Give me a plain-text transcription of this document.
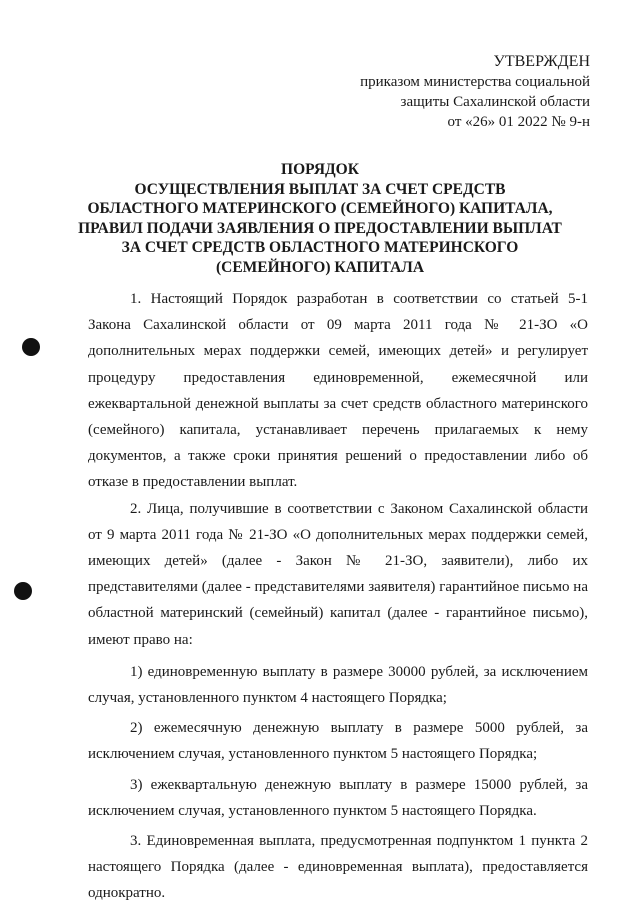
УТВЕРЖДЕН
приказом министерства социальной
защиты Сахалинской области
от «26» 01 2022 № 9-н
ПОРЯДОК
ОСУЩЕСТВЛЕНИЯ ВЫПЛАТ ЗА СЧЕТ СРЕДСТВ
ОБЛАСТНОГО МАТЕРИНСКОГО (СЕМЕЙНОГО) КАПИТАЛА,
ПРАВИЛ ПОДАЧИ ЗАЯВЛЕНИЯ О ПРЕДОСТАВЛЕНИИ ВЫПЛАТ
ЗА СЧЕТ СРЕДСТВ ОБЛАСТНОГО МАТЕРИНСКОГО
(СЕМЕЙНОГО) КАПИТАЛА

1. Настоящий Порядок разработан в соответствии со статьей 5-1 Закона Сахалинской области от 09 марта 2011 года № 21-ЗО «О дополнительных мерах поддержки семей, имеющих детей» и регулирует процедуру предоставления единовременной, ежемесячной или ежеквартальной денежной выплаты за счет средств областного материнского (семейного) капитала, устанавливает перечень прилагаемых к нему документов, а также сроки принятия решений о предоставлении либо об отказе в предоставлении выплат.

2. Лица, получившие в соответствии с Законом Сахалинской области от 9 марта 2011 года № 21-ЗО «О дополнительных мерах поддержки семей, имеющих детей» (далее - Закон № 21-ЗО, заявители), либо их представителями (далее - представителями заявителя) гарантийное письмо на областной материнский (семейный) капитал (далее - гарантийное письмо), имеют право на:

1) единовременную выплату в размере 30000 рублей, за исключением случая, установленного пунктом 4 настоящего Порядка;

2) ежемесячную денежную выплату в размере 5000 рублей, за исключением случая, установленного пунктом 5 настоящего Порядка;

3) ежеквартальную денежную выплату в размере 15000 рублей, за исключением случая, установленного пунктом 5 настоящего Порядка.

3. Единовременная выплата, предусмотренная подпунктом 1 пункта 2 настоящего Порядка (далее - единовременная выплата), предоставляется однократно.
